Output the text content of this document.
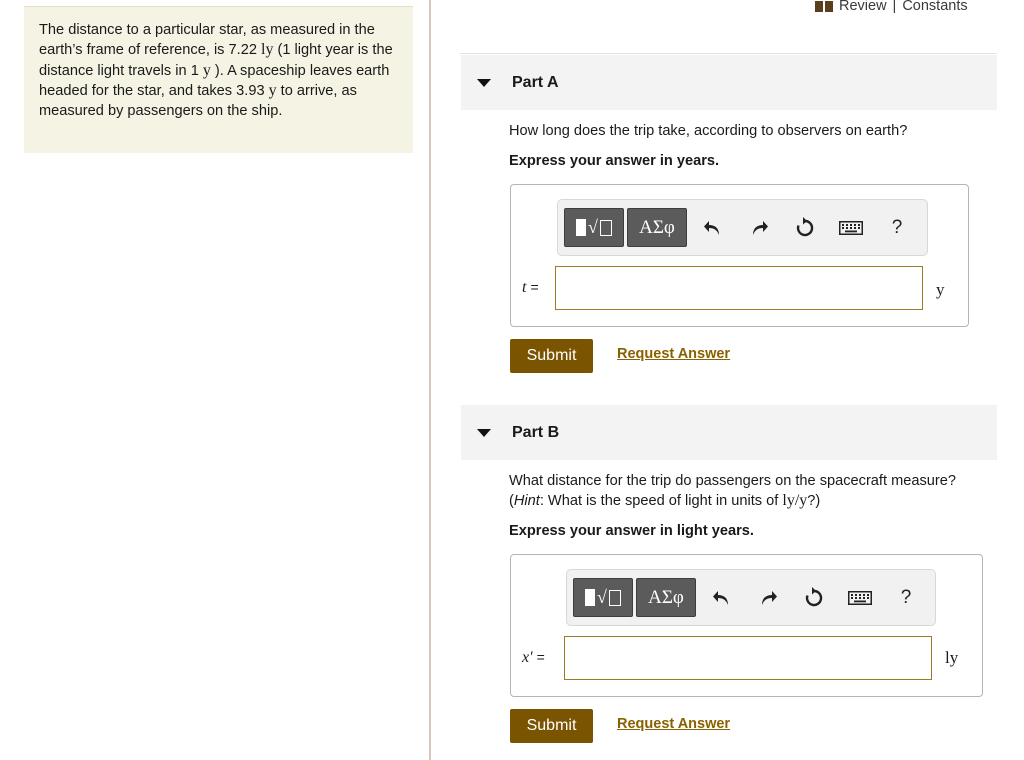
The distance to a particular star, as measured in the earth’s frame of reference, is 7.22 ly (1 light year is the distance light travels in 1 y ). A spaceship leaves earth headed for the star, and takes 3.93 y to arrive, as measured by passengers on the ship.
Review | Constants
Part A
How long does the trip take, according to observers on earth?
Express your answer in years.
√	ΑΣφ	?
t =	y
Submit	Request Answer
Part B
What distance for the trip do passengers on the spacecraft measure?
(Hint: What is the speed of light in units of ly/y?)
Express your answer in light years.
√	ΑΣφ	?
x′ =	ly
Submit	Request Answer
